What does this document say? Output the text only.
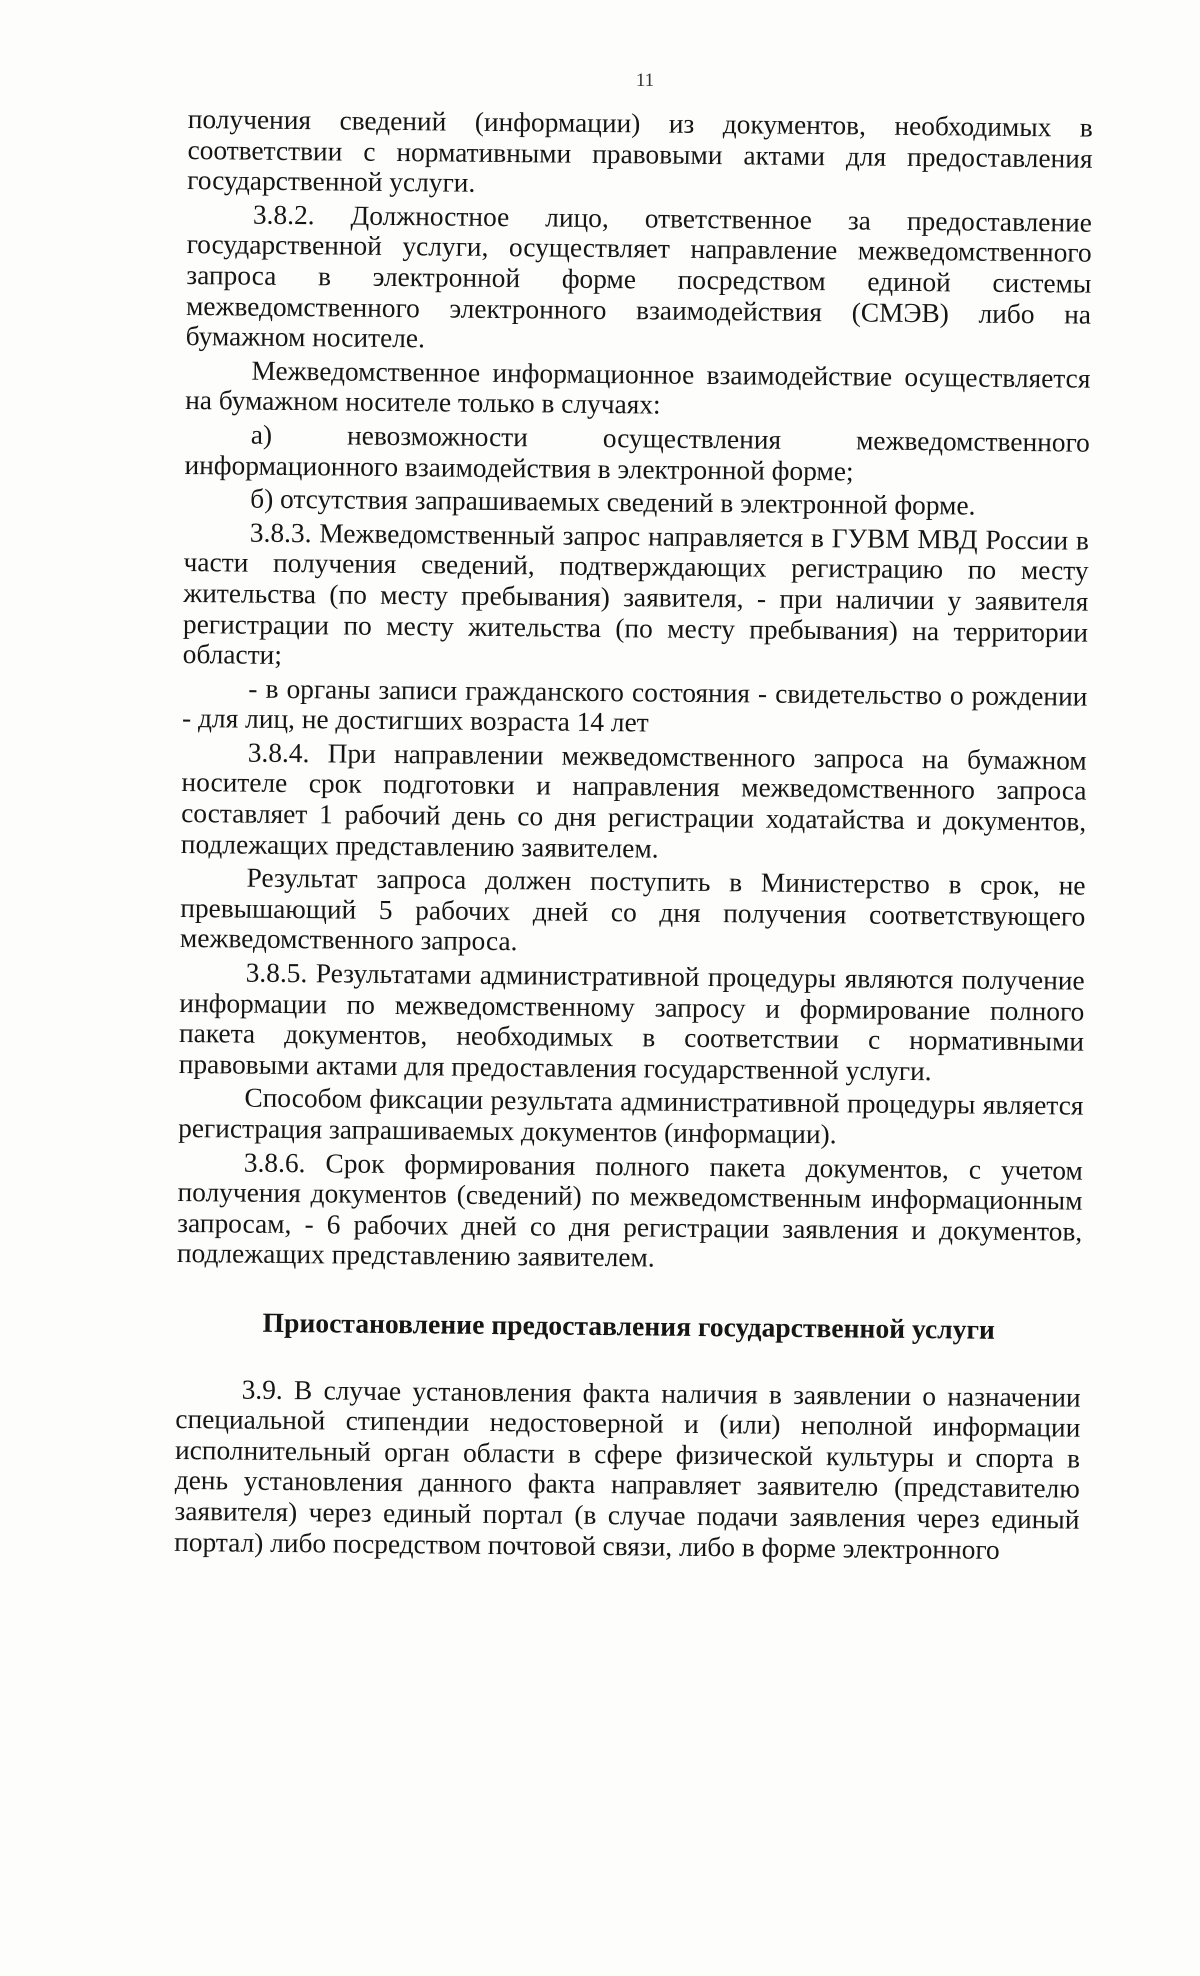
11

получения сведений (информации) из документов, необходимых в соответствии с нормативными правовыми актами для предоставления государственной услуги.

3.8.2. Должностное лицо, ответственное за предоставление государственной услуги, осуществляет направление межведомственного запроса в электронной форме посредством единой системы межведомственного электронного взаимодействия (СМЭВ) либо на бумажном носителе.

Межведомственное информационное взаимодействие осуществляется на бумажном носителе только в случаях:

а) невозможности осуществления межведомственного информационного взаимодействия в электронной форме;

б) отсутствия запрашиваемых сведений в электронной форме.

3.8.3. Межведомственный запрос направляется в ГУВМ МВД России в части получения сведений, подтверждающих регистрацию по месту жительства (по месту пребывания) заявителя, - при наличии у заявителя регистрации по месту жительства (по месту пребывания) на территории области;

- в органы записи гражданского состояния - свидетельство о рождении - для лиц, не достигших возраста 14 лет

3.8.4. При направлении межведомственного запроса на бумажном носителе срок подготовки и направления межведомственного запроса составляет 1 рабочий день со дня регистрации ходатайства и документов, подлежащих представлению заявителем.

Результат запроса должен поступить в Министерство в срок, не превышающий 5 рабочих дней со дня получения соответствующего межведомственного запроса.

3.8.5. Результатами административной процедуры являются получение информации по межведомственному запросу и формирование полного пакета документов, необходимых в соответствии с нормативными правовыми актами для предоставления государственной услуги.

Способом фиксации результата административной процедуры является регистрация запрашиваемых документов (информации).

3.8.6. Срок формирования полного пакета документов, с учетом получения документов (сведений) по межведомственным информационным запросам, - 6 рабочих дней со дня регистрации заявления и документов, подлежащих представлению заявителем.

Приостановление предоставления государственной услуги

3.9. В случае установления факта наличия в заявлении о назначении специальной стипендии недостоверной и (или) неполной информации исполнительный орган области в сфере физической культуры и спорта в день установления данного факта направляет заявителю (представителю заявителя) через единый портал (в случае подачи заявления через единый портал) либо посредством почтовой связи, либо в форме электронного
